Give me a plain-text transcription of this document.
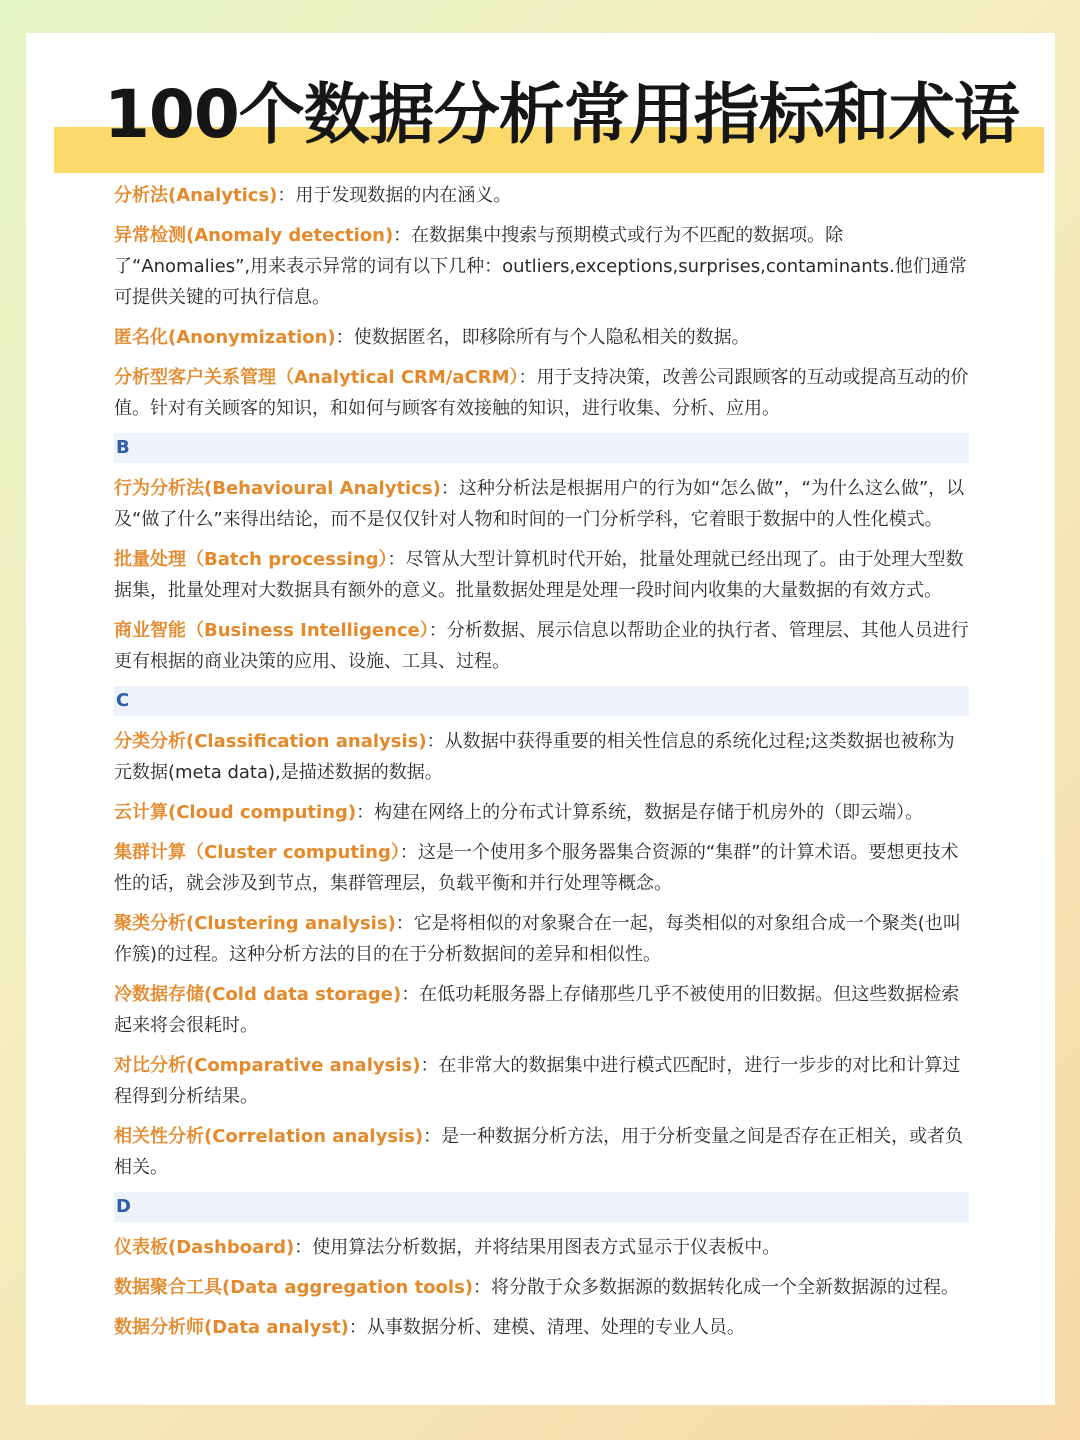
100个数据分析常用指标和术语

分析法(Analytics)：用于发现数据的内在涵义。

异常检测(Anomaly detection)：在数据集中搜索与预期模式或行为不匹配的数据项。除了“Anomalies”,用来表示异常的词有以下几种：outliers,exceptions,surprises,contaminants.他们通常可提供关键的可执行信息。

匿名化(Anonymization)：使数据匿名，即移除所有与个人隐私相关的数据。

分析型客户关系管理（Analytical CRM/aCRM）：用于支持决策，改善公司跟顾客的互动或提高互动的价值。针对有关顾客的知识，和如何与顾客有效接触的知识，进行收集、分析、应用。

B

行为分析法(Behavioural Analytics)：这种分析法是根据用户的行为如“怎么做”，“为什么这么做”，以及“做了什么”来得出结论，而不是仅仅针对人物和时间的一门分析学科，它着眼于数据中的人性化模式。

批量处理（Batch processing）：尽管从大型计算机时代开始，批量处理就已经出现了。由于处理大型数据集，批量处理对大数据具有额外的意义。批量数据处理是处理一段时间内收集的大量数据的有效方式。

商业智能（Business Intelligence）：分析数据、展示信息以帮助企业的执行者、管理层、其他人员进行更有根据的商业决策的应用、设施、工具、过程。

C

分类分析(Classification analysis)：从数据中获得重要的相关性信息的系统化过程;这类数据也被称为元数据(meta data),是描述数据的数据。

云计算(Cloud computing)：构建在网络上的分布式计算系统，数据是存储于机房外的（即云端）。

集群计算（Cluster computing）：这是一个使用多个服务器集合资源的“集群”的计算术语。要想更技术性的话，就会涉及到节点，集群管理层，负载平衡和并行处理等概念。

聚类分析(Clustering analysis)：它是将相似的对象聚合在一起，每类相似的对象组合成一个聚类(也叫作簇)的过程。这种分析方法的目的在于分析数据间的差异和相似性。

冷数据存储(Cold data storage)：在低功耗服务器上存储那些几乎不被使用的旧数据。但这些数据检索起来将会很耗时。

对比分析(Comparative analysis)：在非常大的数据集中进行模式匹配时，进行一步步的对比和计算过程得到分析结果。

相关性分析(Correlation analysis)：是一种数据分析方法，用于分析变量之间是否存在正相关，或者负相关。

D

仪表板(Dashboard)：使用算法分析数据，并将结果用图表方式显示于仪表板中。

数据聚合工具(Data aggregation tools)：将分散于众多数据源的数据转化成一个全新数据源的过程。

数据分析师(Data analyst)：从事数据分析、建模、清理、处理的专业人员。
